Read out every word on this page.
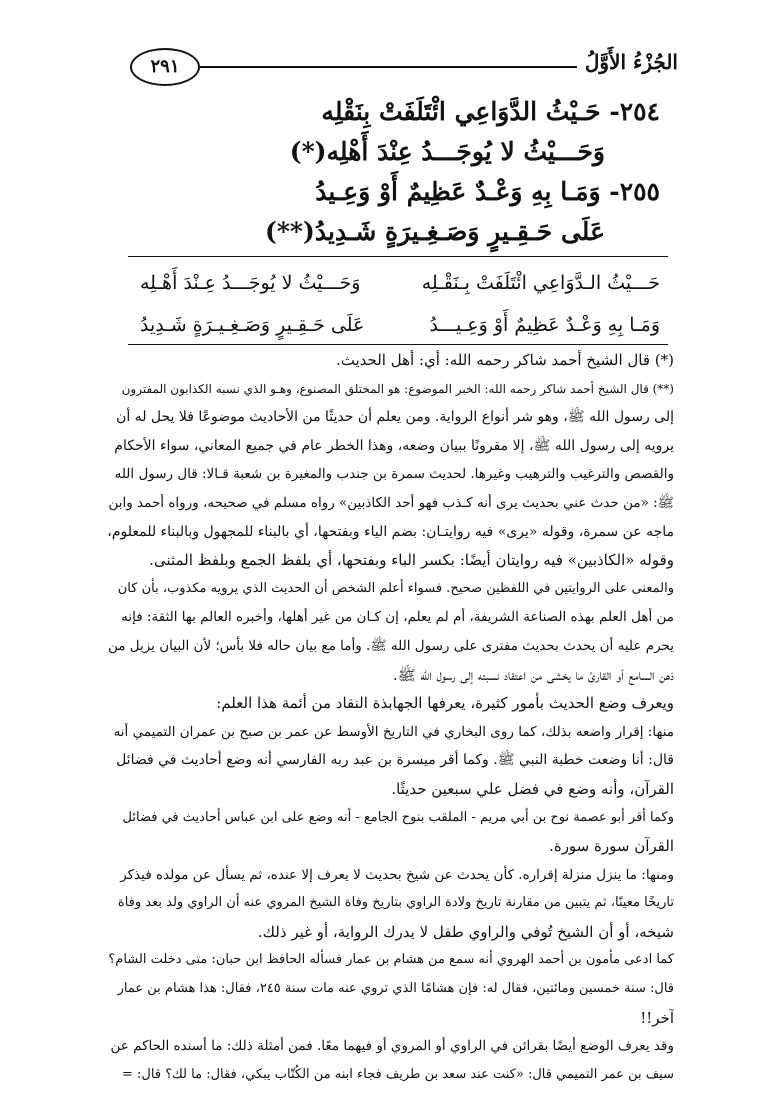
٢٩١	الجُزْءُ الأَوَّلُ
٢٥٤- حَـيْثُ الدَّوَاعِي ائْتَلَفَتْ بِنَقْلِه
وَحَـــيْثُ لا يُوجَـــدُ عِنْدَ أَهْلِه(*)
٢٥٥- وَمَـا بِهِ وَعْـدٌ عَظِيمٌ أَوْ وَعِـيدُ
عَلَى حَـقِـيرٍ وَصَـغِـيرَةٍ شَـدِيدُ(**)
حَـــيْثُ الـدَّوَاعِي ائْتَلَفَتْ بِـنَقْـلِه
وَحَـــيْثُ لا يُوجَـــدُ عِـنْدَ أَهْـلِه
وَمَـا بِهِ وَعْـدٌ عَظِيمٌ أَوْ وَعِـيـــدُ
عَلَى حَـقِـيرٍ وَصَـغِـيـرَةٍ شَـدِيدُ

(*) قال الشيخ أحمد شاكر رحمه الله: أي: أهل الحديث.

(**) قال الشيخ أحمد شاكر رحمه الله: الخبر الموضوع: هو المختلق المصنوع، وهـو الذي نسبه الكذابون المفترون

إلى رسول الله ﷺ، وهو شر أنواع الرواية. ومن يعلم أن حديثًا من الأحاديث موضوعًا فلا يحل له أن

يرويه إلى رسول الله ﷺ، إلا مقرونًا ببيان وضعه، وهذا الخطر عام في جميع المعاني، سواء الأحكام

والقصص والترغيب والترهيب وغيرها. لحديث سمرة بن جندب والمغيرة بن شعبة قـالا: قال رسول الله

ﷺ: «من حدث عني بحديث يرى أنه كـذب فهو أحد الكاذبين» رواه مسلم في صحيحه، ورواه أحمد وابن

ماجه عن سمرة، وقوله «يرى» فيه روايتـان: بضم الياء وبفتحها، أي بالبناء للمجهول وبالبناء للمعلوم،

وقوله «الكاذبين» فيه روايتان أيضًا: بكسر الباء وبفتحها، أي بلفظ الجمع وبلفظ المثنى.

والمعنى على الروايتين في اللفظين صحيح. فسواء أعلم الشخص أن الحديث الذي يرويه مكذوب، بأن كان

من أهل العلم بهذه الصناعة الشريفة، أم لم يعلم، إن كـان من غير أهلها، وأخبره العالم بها الثقة: فإنه

يحرم عليه أن يحدث بحديث مفترى على رسول الله ﷺ. وأما مع بيان حاله فلا بأس؛ لأن البيان يزيل من

ذهن السامع أو القارئ ما يخشى من اعتقاد نسبته إلى رسول الله ﷺ.

ويعرف وضع الحديث بأمور كثيرة، يعرفها الجهابذة النقاد من أئمة هذا العلم:

منها: إقرار واضعه بذلك، كما روى البخاري في التاريخ الأوسط عن عمر بن صبح بن عمران التميمي أنه

قال: أنا وضعت خطبة النبي ﷺ. وكما أقر ميسرة بن عبد ربه الفارسي أنه وضع أحاديث في فضائل

القرآن، وأنه وضع في فضل علي سبعين حديثًا.

وكما أقر أبو عصمة نوح بن أبي مريم - الملقب بنوح الجامع - أنه وضع على ابن عباس أحاديث في فضائل

القرآن سورة سورة.

ومنها: ما ينزل منزلة إقراره. كأن يحدث عن شيخ بحديث لا يعرف إلا عنده، ثم يسأل عن مولده فيذكر

تاريخًا معينًا، ثم يتبين من مقارنة تاريخ ولادة الراوي بتاريخ وفاة الشيخ المروي عنه أن الراوي ولد بعد وفاة

شيخه، أو أن الشيخ تُوفي والراوي طفل لا يدرك الرواية، أو غير ذلك.

كما ادعى مأمون بن أحمد الهروي أنه سمع من هشام بن عمار فسأله الحافظ ابن حبان: متى دخلت الشام؟

قال: سنة خمسين ومائتين، فقال له: فإن هشامًا الذي تروي عنه مات سنة ٢٤٥، فقال: هذا هشام بن عمار

آخر!!

وقد يعرف الوضع أيضًا بقرائن في الراوي أو المروي أو فيهما معًا. فمن أمثلة ذلك: ما أسنده الحاكم عن

سيف بن عمر التميمي قال: «كنت عند سعد بن طريف فجاء ابنه من الكُتّاب يبكي، فقال: ما لك؟ قال: =
